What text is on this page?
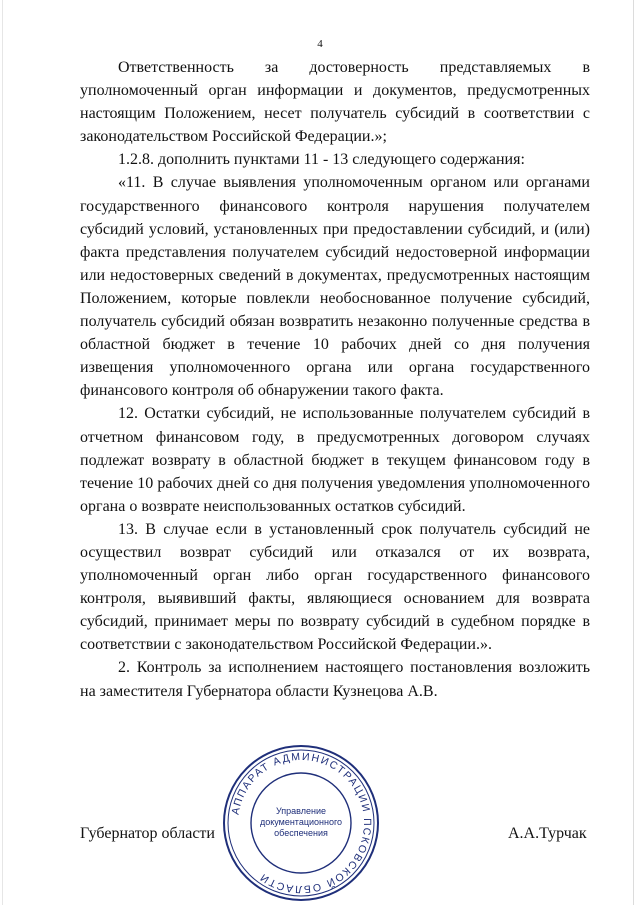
4

Ответственность за достоверность представляемых в уполномоченный орган информации и документов, предусмотренных настоящим Положением, несет получатель субсидий в соответствии с законодательством Российской Федерации.»;

1.2.8. дополнить пунктами 11 - 13 следующего содержания:

«11. В случае выявления уполномоченным органом или органами государственного финансового контроля нарушения получателем субсидий условий, установленных при предоставлении субсидий, и (или) факта представления получателем субсидий недостоверной информации или недостоверных сведений в документах, предусмотренных настоящим Положением, которые повлекли необоснованное получение субсидий, получатель субсидий обязан возвратить незаконно полученные средства в областной бюджет в течение 10 рабочих дней со дня получения извещения уполномоченного органа или органа государственного финансового контроля об обнаружении такого факта.

12. Остатки субсидий, не использованные получателем субсидий в отчетном финансовом году, в предусмотренных договором случаях подлежат возврату в областной бюджет в текущем финансовом году в течение 10 рабочих дней со дня получения уведомления уполномоченного органа о возврате неиспользованных остатков субсидий.

13. В случае если в установленный срок получатель субсидий не осуществил возврат субсидий или отказался от их возврата, уполномоченный орган либо орган государственного финансового контроля, выявивший факты, являющиеся основанием для возврата субсидий, принимает меры по возврату субсидий в судебном порядке в соответствии с законодательством Российской Федерации.».

2. Контроль за исполнением настоящего постановления возложить на заместителя Губернатора области Кузнецова А.В.

Губернатор области	А.А.Турчак
АППАРАТ АДМИНИСТРАЦИИ ПСКОВСКОЙ ОБЛАСТИ
Управление
документационного
обеспечения
